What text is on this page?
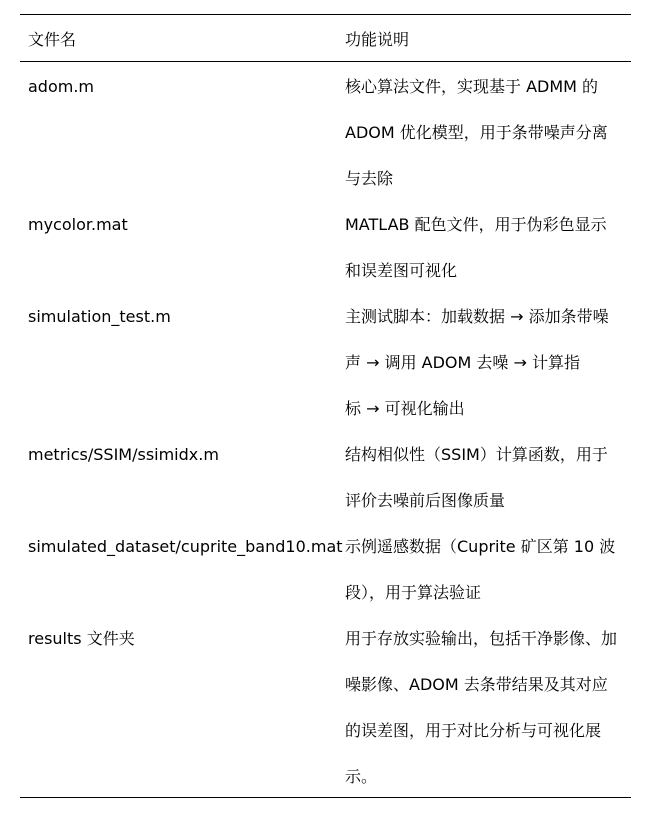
文件名	功能说明
adom.m	核心算法文件，实现基于 ADMM 的
ADOM 优化模型，用于条带噪声分离
与去除
mycolor.mat	MATLAB 配色文件，用于伪彩色显示
和误差图可视化
simulation_test.m	主测试脚本：加载数据 → 添加条带噪
声 → 调用 ADOM 去噪 → 计算指
标 → 可视化输出
metrics/SSIM/ssimidx.m	结构相似性（SSIM）计算函数，用于
评价去噪前后图像质量
simulated_dataset/cuprite_band10.mat 示例遥感数据（Cuprite 矿区第 10 波
段），用于算法验证
results 文件夹	用于存放实验输出，包括干净影像、加
噪影像、ADOM 去条带结果及其对应
的误差图，用于对比分析与可视化展
示。
